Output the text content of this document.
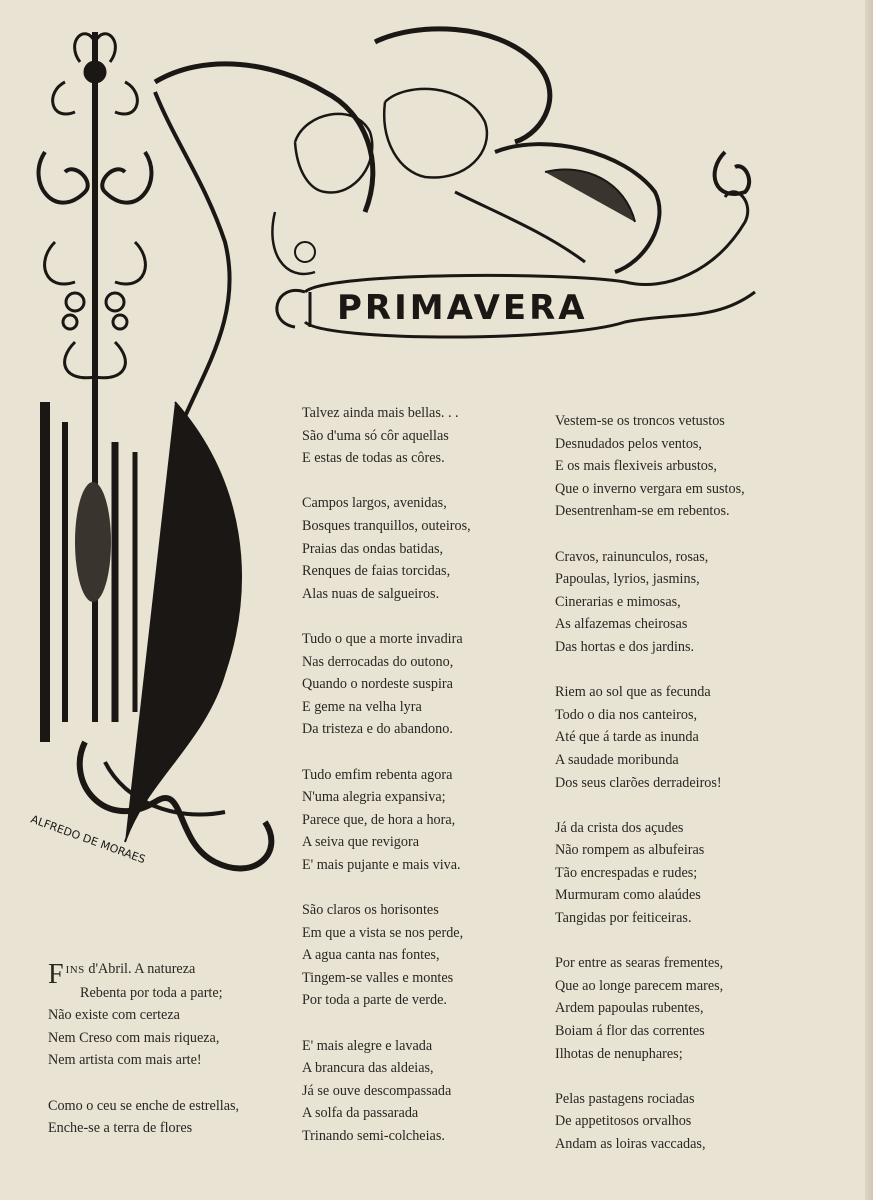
PRIMAVERA
ALFREDO DE MORAES
FINS d'Abril. A natureza
Rebenta por toda a parte;
Não existe com certeza
Nem Creso com mais riqueza,
Nem artista com mais arte!
Como o ceu se enche de estrellas,
Enche-se a terra de flores
Talvez ainda mais bellas. . .
São d'uma só côr aquellas
E estas de todas as côres.
Campos largos, avenidas,
Bosques tranquillos, outeiros,
Praias das ondas batidas,
Renques de faias torcidas,
Alas nuas de salgueiros.
Tudo o que a morte invadira
Nas derrocadas do outono,
Quando o nordeste suspira
E geme na velha lyra
Da tristeza e do abandono.
Tudo emfim rebenta agora
N'uma alegria expansiva;
Parece que, de hora a hora,
A seiva que revigora
E' mais pujante e mais viva.
São claros os horisontes
Em que a vista se nos perde,
A agua canta nas fontes,
Tingem-se valles e montes
Por toda a parte de verde.
E' mais alegre e lavada
A brancura das aldeias,
Já se ouve descompassada
A solfa da passarada
Trinando semi-colcheias.
Vestem-se os troncos vetustos
Desnudados pelos ventos,
E os mais flexiveis arbustos,
Que o inverno vergara em sustos,
Desentrenham-se em rebentos.
Cravos, rainunculos, rosas,
Papoulas, lyrios, jasmins,
Cinerarias e mimosas,
As alfazemas cheirosas
Das hortas e dos jardins.
Riem ao sol que as fecunda
Todo o dia nos canteiros,
Até que á tarde as inunda
A saudade moribunda
Dos seus clarões derradeiros!
Já da crista dos açudes
Não rompem as albufeiras
Tão encrespadas e rudes;
Murmuram como alaúdes
Tangidas por feiticeiras.
Por entre as searas frementes,
Que ao longe parecem mares,
Ardem papoulas rubentes,
Boiam á flor das correntes
Ilhotas de nenuphares;
Pelas pastagens rociadas
De appetitosos orvalhos
Andam as loiras vaccadas,
